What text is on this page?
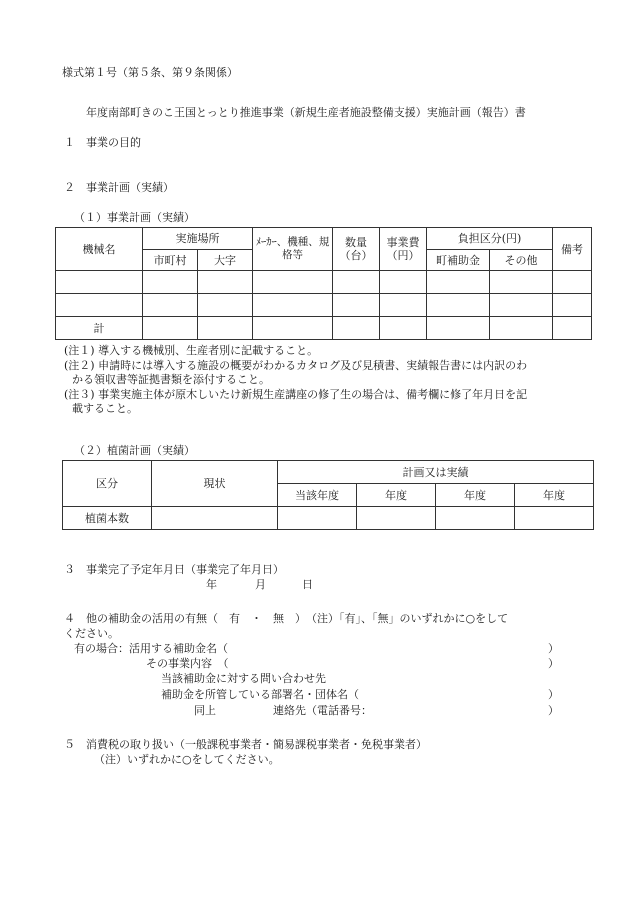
様式第１号（第５条、第９条関係）
年度南部町きのこ王国とっとり推進事業（新規生産者施設整備支援）実施計画（報告）書
１　事業の目的
２　事業計画（実績）
（１）事業計画（実績）
機械名	実施場所		ﾒｰｶｰ、機種、規格等	数量（台）	事業費（円）	負担区分(円)		備考
	市町村	大字				町補助金	その他	

計								
(注１) 導入する機械別、生産者別に記載すること。
(注２) 申請時には導入する施設の概要がわかるカタログ及び見積書、実績報告書には内訳のわ
かる領収書等証拠書類を添付すること。
(注３) 事業実施主体が原木しいたけ新規生産講座の修了生の場合は、備考欄に修了年月日を記
載すること。
（２）植菌計画（実績）
区分	現状	計画又は実績			
		当該年度	年度	年度	年度
植菌本数					
３　事業完了予定年月日（事業完了年月日）
年	月	日
４　他の補助金の活用の有無（　有　・　無　）　（注）「有」、「無」のいずれかに○をして
ください。
有の場合：活用する補助金名（	）
その事業内容　（	）
当該補助金に対する問い合わせ先
補助金を所管している部署名・団体名（	）
同上	連絡先（電話番号：	）
５　消費税の取り扱い（一般課税事業者・簡易課税事業者・免税事業者）
（注）いずれかに○をしてください。
